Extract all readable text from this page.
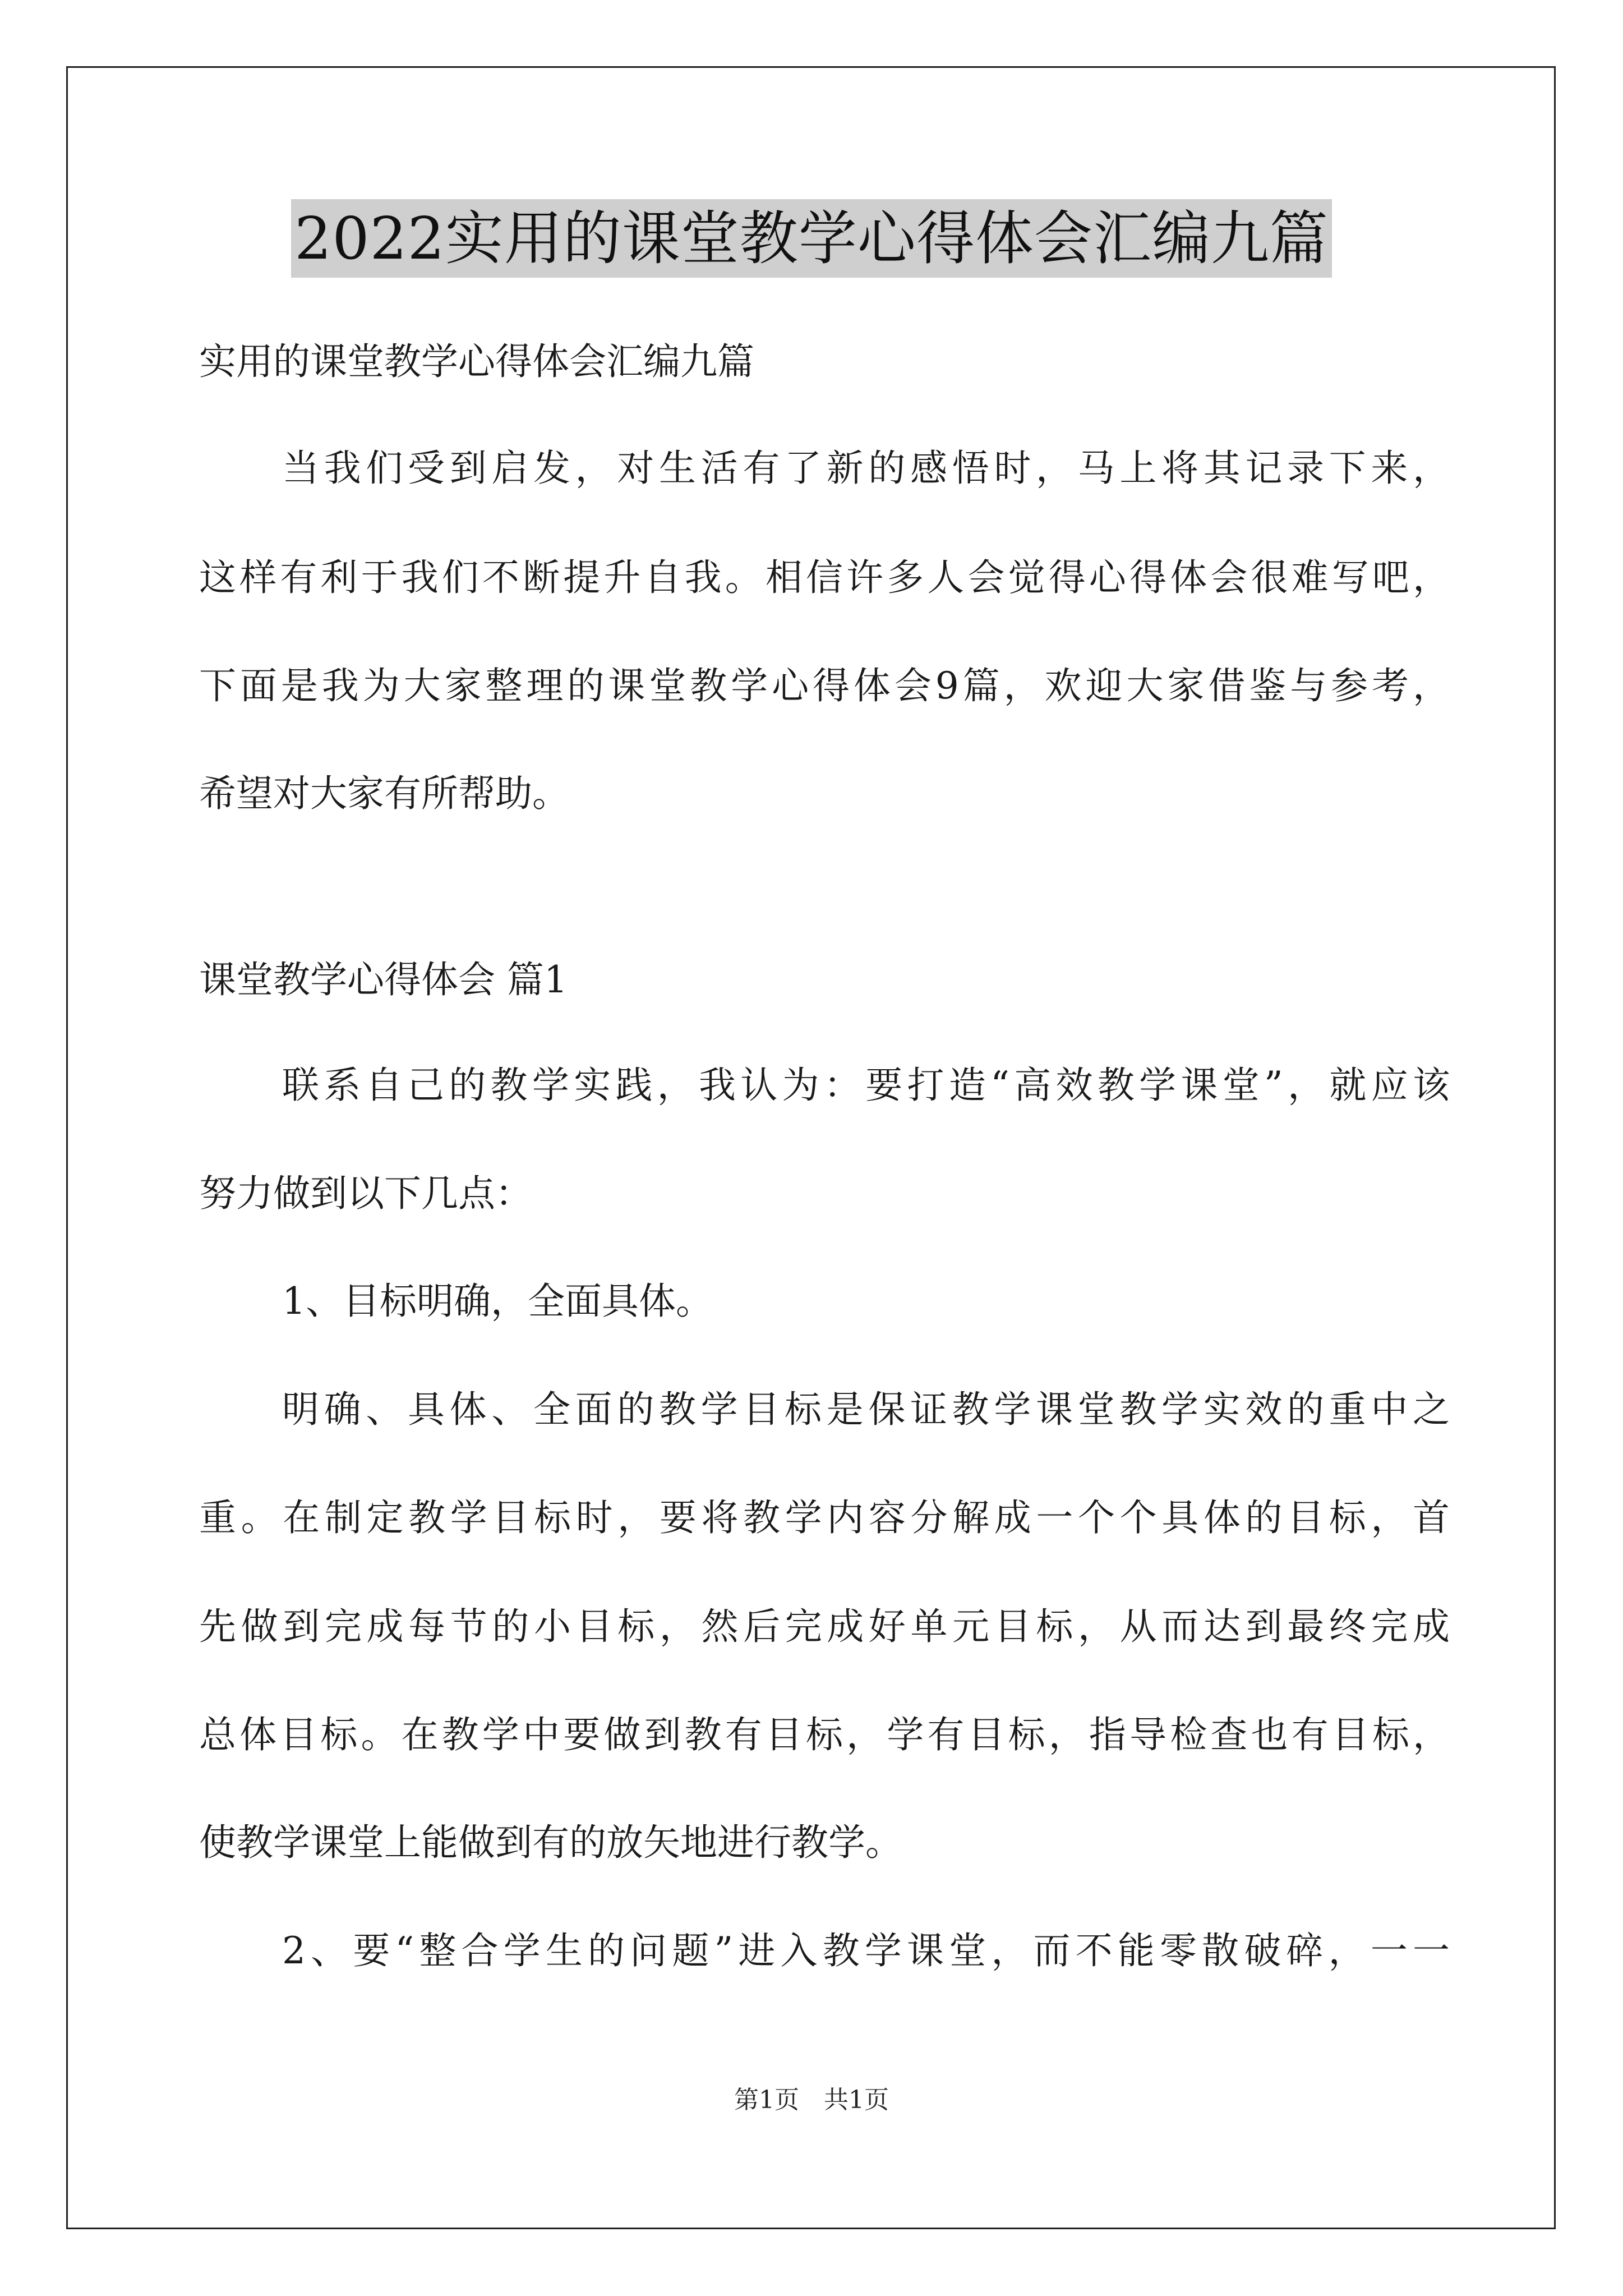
2022实用的课堂教学心得体会汇编九篇
实用的课堂教学心得体会汇编九篇
当我们受到启发，对生活有了新的感悟时，马上将其记录下来，
这样有利于我们不断提升自我。相信许多人会觉得心得体会很难写吧，
下面是我为大家整理的课堂教学心得体会9篇，欢迎大家借鉴与参考，
希望对大家有所帮助。
课堂教学心得体会 篇1
联系自己的教学实践，我认为：要打造“高效教学课堂”，就应该
努力做到以下几点：
1、目标明确，全面具体。
明确、具体、全面的教学目标是保证教学课堂教学实效的重中之
重。在制定教学目标时，要将教学内容分解成一个个具体的目标，首
先做到完成每节的小目标，然后完成好单元目标，从而达到最终完成
总体目标。在教学中要做到教有目标，学有目标，指导检查也有目标，
使教学课堂上能做到有的放矢地进行教学。
2、要“整合学生的问题”进入教学课堂，而不能零散破碎，一一
第1页　共1页
